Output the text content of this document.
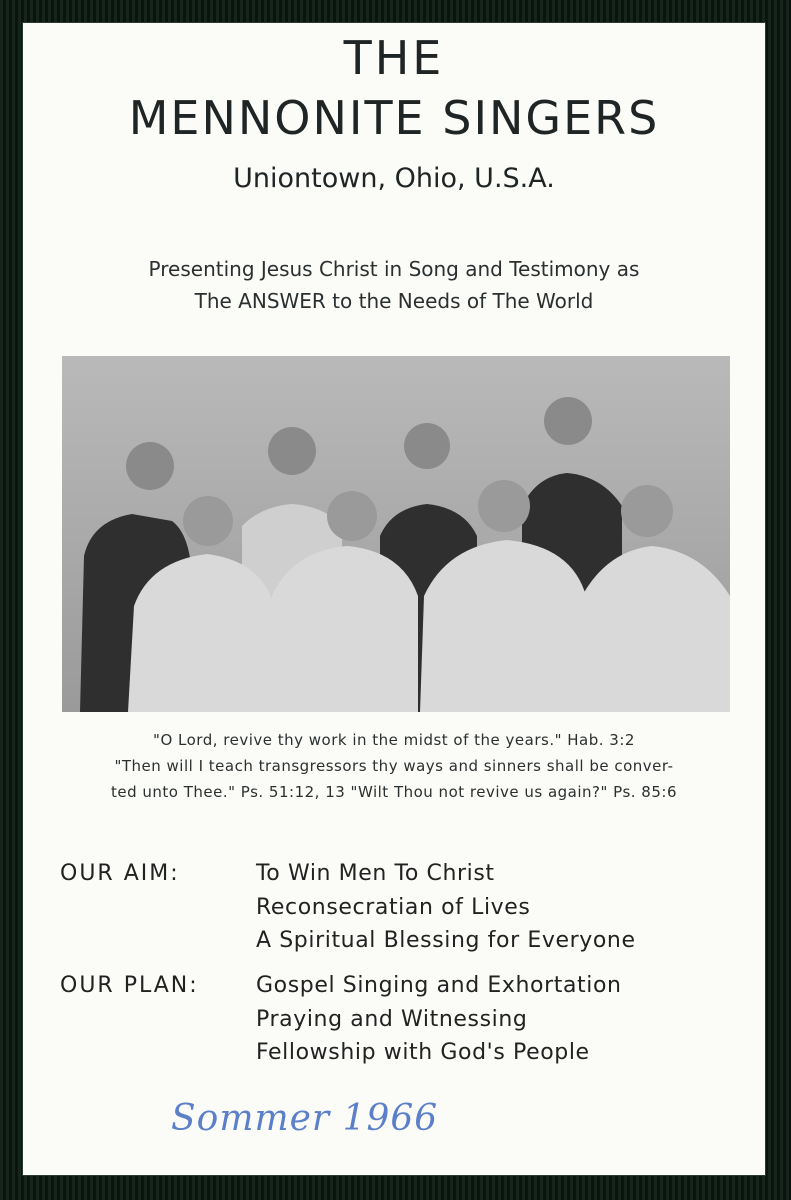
THE
MENNONITE SINGERS
Uniontown, Ohio, U.S.A.
Presenting Jesus Christ in Song and Testimony as
The ANSWER to the Needs of The World
"O Lord, revive thy work in the midst of the years." Hab. 3:2
"Then will I teach transgressors thy ways and sinners shall be conver-
ted unto Thee." Ps. 51:12, 13 "Wilt Thou not revive us again?" Ps. 85:6
OUR AIM:	To Win Men To Christ
Reconsecratian of Lives
A Spiritual Blessing for Everyone
OUR PLAN:	Gospel Singing and Exhortation
Praying and Witnessing
Fellowship with God's People
Sommer 1966
